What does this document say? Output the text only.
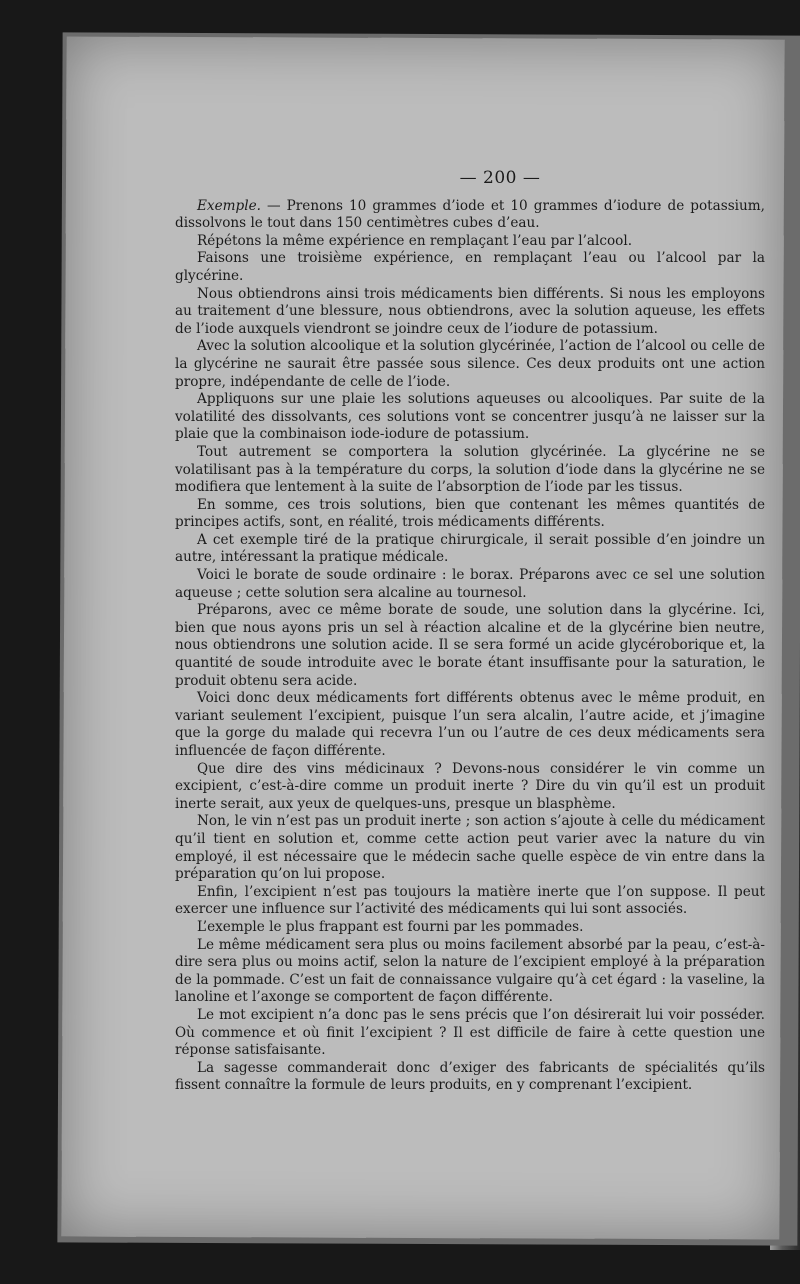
— 200 —

Exemple. — Prenons 10 grammes d’iode et 10 grammes d’iodure de potassium, dissolvons le tout dans 150 centimètres cubes d’eau.

Répétons la même expérience en remplaçant l’eau par l’alcool.

Faisons une troisième expérience, en remplaçant l’eau ou l’alcool par la glycérine.

Nous obtiendrons ainsi trois médicaments bien différents. Si nous les employons au traitement d’une blessure, nous obtiendrons, avec la solution aqueuse, les effets de l’iode auxquels viendront se joindre ceux de l’iodure de potassium.

Avec la solution alcoolique et la solution glycérinée, l’action de l’alcool ou celle de la glycérine ne saurait être passée sous silence. Ces deux produits ont une action propre, indépendante de celle de l’iode.

Appliquons sur une plaie les solutions aqueuses ou alcooliques. Par suite de la volatilité des dissolvants, ces solutions vont se concentrer jusqu’à ne laisser sur la plaie que la combinaison iode-iodure de potassium.

Tout autrement se comportera la solution glycérinée. La glycérine ne se volatilisant pas à la température du corps, la solution d’iode dans la glycérine ne se modifiera que lentement à la suite de l’absorption de l’iode par les tissus.

En somme, ces trois solutions, bien que contenant les mêmes quantités de principes actifs, sont, en réalité, trois médicaments différents.

A cet exemple tiré de la pratique chirurgicale, il serait possible d’en joindre un autre, intéressant la pratique médicale.

Voici le borate de soude ordinaire : le borax. Préparons avec ce sel une solution aqueuse ; cette solution sera alcaline au tournesol.

Préparons, avec ce même borate de soude, une solution dans la glycérine. Ici, bien que nous ayons pris un sel à réaction alcaline et de la glycérine bien neutre, nous obtiendrons une solution acide. Il se sera formé un acide glycéroborique et, la quantité de soude introduite avec le borate étant insuffisante pour la saturation, le produit obtenu sera acide.

Voici donc deux médicaments fort différents obtenus avec le même produit, en variant seulement l’excipient, puisque l’un sera alcalin, l’autre acide, et j’imagine que la gorge du malade qui recevra l’un ou l’autre de ces deux médicaments sera influencée de façon différente.

Que dire des vins médicinaux ? Devons-nous considérer le vin comme un excipient, c’est-à-dire comme un produit inerte ? Dire du vin qu’il est un produit inerte serait, aux yeux de quelques-uns, presque un blasphème.

Non, le vin n’est pas un produit inerte ; son action s’ajoute à celle du médicament qu’il tient en solution et, comme cette action peut varier avec la nature du vin employé, il est nécessaire que le médecin sache quelle espèce de vin entre dans la préparation qu’on lui propose.

Enfin, l’excipient n’est pas toujours la matière inerte que l’on suppose. Il peut exercer une influence sur l’activité des médicaments qui lui sont associés.

L’exemple le plus frappant est fourni par les pommades.

Le même médicament sera plus ou moins facilement absorbé par la peau, c’est-à-dire sera plus ou moins actif, selon la nature de l’excipient employé à la préparation de la pommade. C’est un fait de connaissance vulgaire qu’à cet égard : la vaseline, la lanoline et l’axonge se comportent de façon différente.

Le mot excipient n’a donc pas le sens précis que l’on désirerait lui voir posséder. Où commence et où finit l’excipient ? Il est difficile de faire à cette question une réponse satisfaisante.

La sagesse commanderait donc d’exiger des fabricants de spécialités qu’ils fissent connaître la formule de leurs produits, en y comprenant l’excipient.
